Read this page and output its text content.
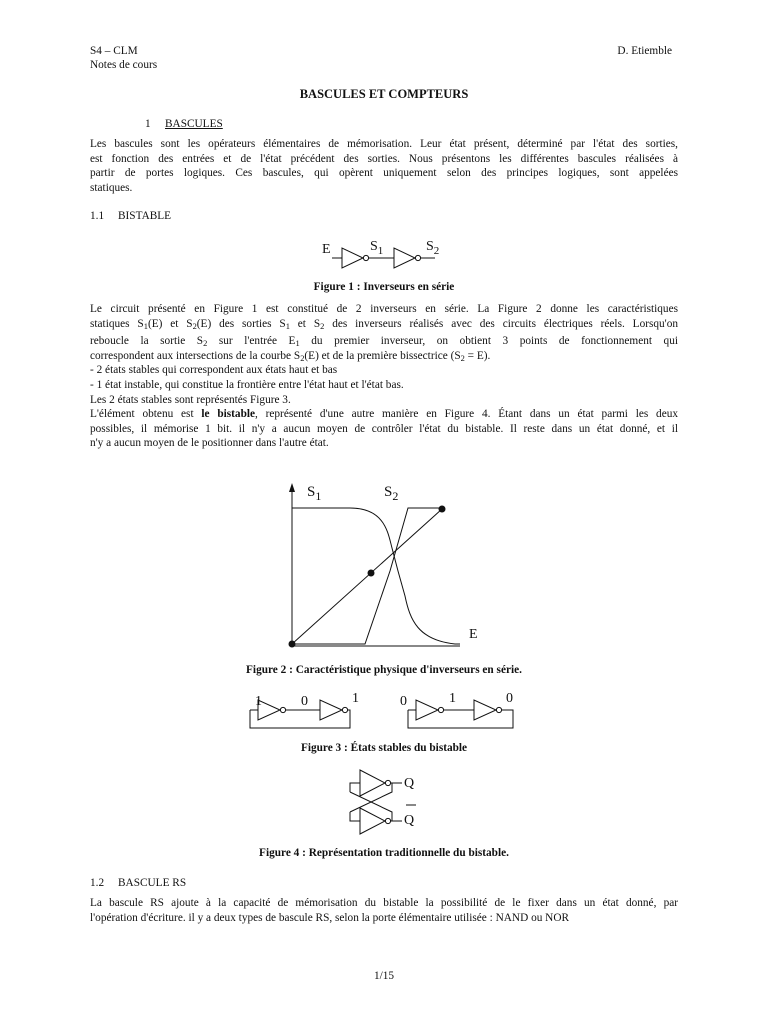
S4 – CLM
Notes de cours
D. Etiemble
BASCULES ET COMPTEURS
1 BASCULES
Les bascules sont les opérateurs élémentaires de mémorisation. Leur état présent, déterminé par l'état des sorties,
est fonction des entrées et de l'état précédent des sorties. Nous présentons les différentes bascules réalisées à
partir de portes logiques. Ces bascules, qui opèrent uniquement selon des principes logiques, sont appelées
statiques.
1.1 BISTABLE
E	$S_1$	$S_2$
Figure 1 : Inverseurs en série
Le circuit présenté en Figure 1 est constitué de 2 inverseurs en série. La Figure 2 donne les caractéristiques
statiques $S_1(E)$ et $S_2(E)$ des sorties $S_1$ et $S_2$ des inverseurs réalisés avec des circuits électriques réels. Lorsqu'on
reboucle la sortie $S_2$ sur l'entrée $E_1$ du premier inverseur, on obtient 3 points de fonctionnement qui
correspondent aux intersections de la courbe $S_2(E)$ et de la première bissectrice $(S_2 = E)$.
- 2 états stables qui correspondent aux états haut et bas
- 1 état instable, qui constitue la frontière entre l'état haut et l'état bas.
Les 2 états stables sont représentés Figure 3.
L'élément obtenu est le bistable, représenté d'une autre manière en Figure 4. Étant dans un état parmi les deux
possibles, il mémorise 1 bit. il n'y a aucun moyen de contrôler l'état du bistable. Il reste dans un état donné, et il
n'y a aucun moyen de le positionner dans l'autre état.
$S_1$	$S_2$
E
Figure 2 : Caractéristique physique d'inverseurs en série.
1	0	1	0	1	0
Figure 3 : États stables du bistable
Q
Q
Figure 4 : Représentation traditionnelle du bistable.
1.2 BASCULE RS
La bascule RS ajoute à la capacité de mémorisation du bistable la possibilité de le fixer dans un état donné, par
l'opération d'écriture. il y a deux types de bascule RS, selon la porte élémentaire utilisée : NAND ou NOR
1/15
